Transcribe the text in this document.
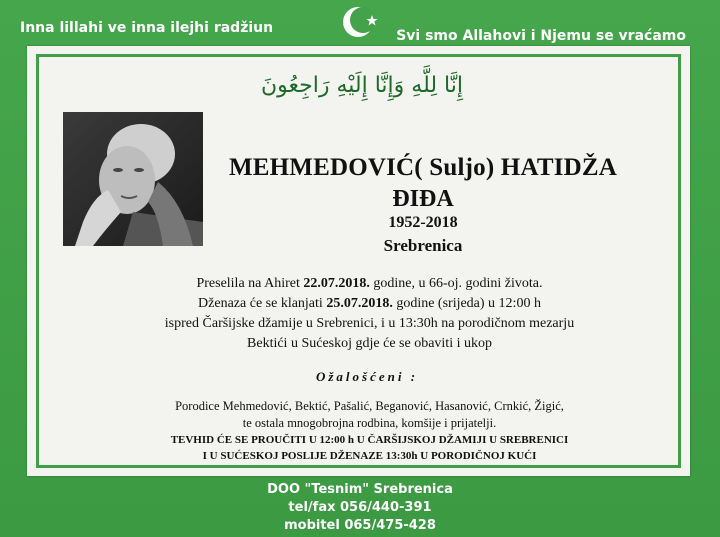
Inna lillahi ve inna ilejhi radžiun	Svi smo Allahovi i Njemu se vraćamo
إِنَّا لِلَّهِ وَإِنَّا إِلَيْهِ رَاجِعُونَ
MEHMEDOVIĆ( Suljo) HATIDŽA
ĐIĐA
1952-2018
Srebrenica
Preselila na Ahiret 22.07.2018. godine, u 66-oj. godini života.
Dženaza će se klanjati 25.07.2018. godine (srijeda) u 12:00 h
ispred Čaršijske džamije u Srebrenici, i u 13:30h na porodičnom mezarju
Bektići u Sućeskoj gdje će se obaviti i ukop
Ožalošćeni :
Porodice Mehmedović, Bektić, Pašalić, Beganović, Hasanović, Crnkić, Žigić,
te ostala mnogobrojna rodbina, komšije i prijatelji.
TEVHID ĆE SE PROUČITI U 12:00 h U ČARŠIJSKOJ DŽAMIJI U SREBRENICI
I U SUĆESKOJ POSLIJE DŽENAZE 13:30h U PORODIČNOJ KUĆI
DOO "Tesnim" Srebrenica
tel/fax 056/440-391
mobitel 065/475-428
